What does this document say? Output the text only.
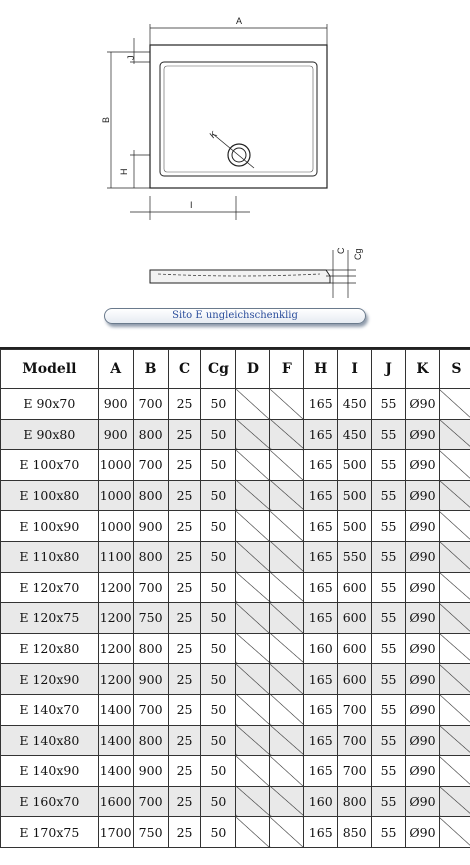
A
B
J
H
I
K
C Cg
Sito E ungleichschenklig
Modell	A	B	C	Cg	D	F	H	I	J	K	S
E 90x70	900	700	25	50			165	450	55	Ø90	
E 90x80	900	800	25	50			165	450	55	Ø90	
E 100x70	1000	700	25	50			165	500	55	Ø90	
E 100x80	1000	800	25	50			165	500	55	Ø90	
E 100x90	1000	900	25	50			165	500	55	Ø90	
E 110x80	1100	800	25	50			165	550	55	Ø90	
E 120x70	1200	700	25	50			165	600	55	Ø90	
E 120x75	1200	750	25	50			165	600	55	Ø90	
E 120x80	1200	800	25	50			160	600	55	Ø90	
E 120x90	1200	900	25	50			165	600	55	Ø90	
E 140x70	1400	700	25	50			165	700	55	Ø90	
E 140x80	1400	800	25	50			165	700	55	Ø90	
E 140x90	1400	900	25	50			165	700	55	Ø90	
E 160x70	1600	700	25	50			160	800	55	Ø90	
E 170x75	1700	750	25	50			165	850	55	Ø90	
